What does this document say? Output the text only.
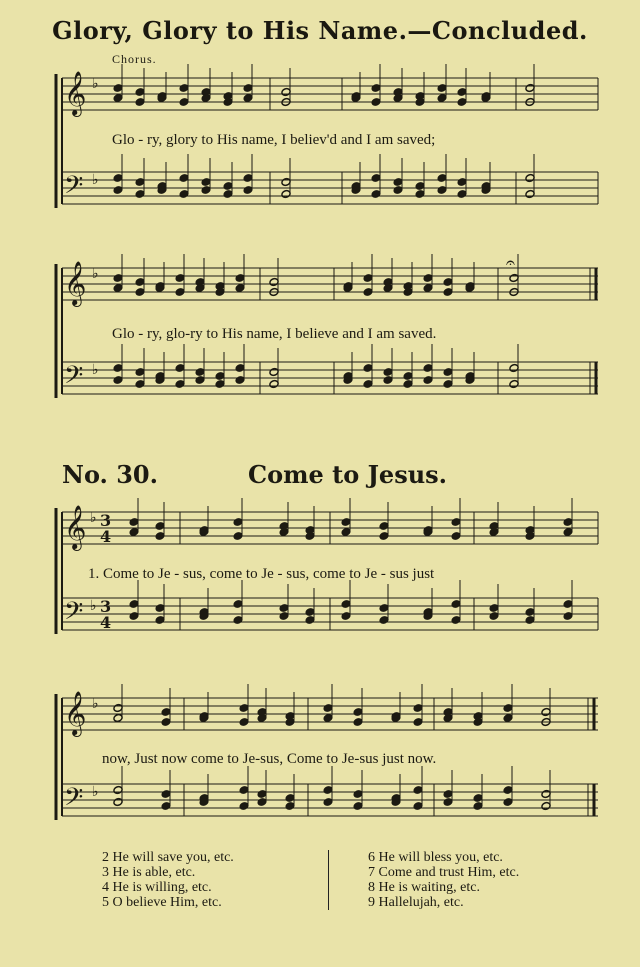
Glory, Glory to His Name.—Concluded.
Chorus.
𝄞
𝄢
♭
♭
𝄞
𝄢
♭
♭
𝄐
𝄞
𝄢
♭
♭
3
4
3
4
𝄞
𝄢
♭
♭
Glo - ry, glory to His name, I believ'd and I am saved;
Glo - ry, glo-ry to His name, I believe and I am saved.
No. 30.	Come to Jesus.
1. Come to Je - sus, come to Je - sus, come to Je - sus just
now, Just now come to Je-sus, Come to Je-sus just now.
2 He will save you, etc.
3 He is able, etc.
4 He is willing, etc.
5 O believe Him, etc.
6 He will bless you, etc.
7 Come and trust Him, etc.
8 He is waiting, etc.
9 Hallelujah, etc.
